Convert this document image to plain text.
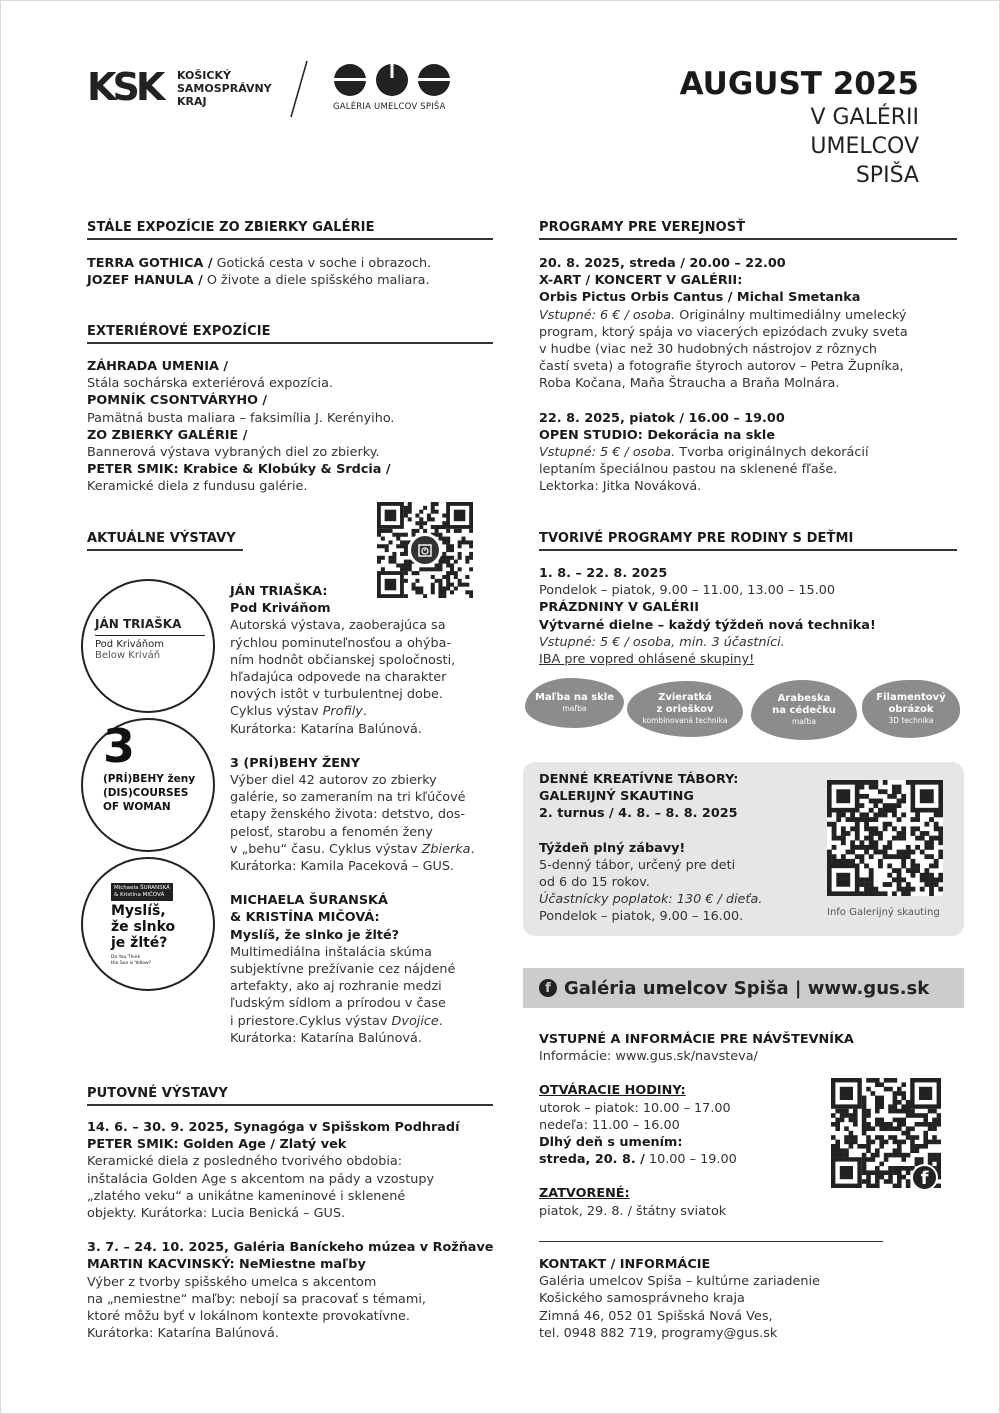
KSK KOŠICKÝ
SAMOSPRÁVNY
KRAJ	GALÉRIA UMELCOV SPIŠA
AUGUST 2025
V GALÉRII
UMELCOV
SPIŠA
STÁLE EXPOZÍCIE ZO ZBIERKY GALÉRIE
TERRA GOTHICA / Gotická cesta v soche i obrazoch.
JOZEF HANULA / O živote a diele spišského maliara.
EXTERIÉROVÉ EXPOZÍCIE
ZÁHRADA UMENIA /
Stála sochárska exteriérová expozícia.
POMNÍK CSONTVÁRYHO /
Pamätná busta maliara – faksimília J. Kerényiho.
ZO ZBIERKY GALÉRIE /
Bannerová výstava vybraných diel zo zbierky.
PETER SMIK: Krabice & Klobúky & Srdcia /
Keramické diela z fundusu galérie.
AKTUÁLNE VÝSTAVY
JÁN TRIAŠKA
Pod Kriváňom
Below Kriváň
3
(PRÍ)BEHY ženy
(DIS)COURSES
OF WOMAN
Michaela ŠURANSKÁ
& Kristína MIČOVÁ
Myslíš,
že slnko
je žlté?
Do You Think
the Sun is Yellow?
JÁN TRIAŠKA:
Pod Kriváňom
Autorská výstava, zaoberajúca sa
rýchlou pominuteľnosťou a ohýba-
ním hodnôt občianskej spoločnosti,
hľadajúca odpovede na charakter
nových istôt v turbulentnej dobe.
Cyklus výstav Profily.
Kurátorka: Katarína Balúnová.
3 (PRÍ)BEHY ŽENY
Výber diel 42 autorov zo zbierky
galérie, so zameraním na tri kľúčové
etapy ženského života: detstvo, dos-
pelosť, starobu a fenomén ženy
v „behu“ času. Cyklus výstav Zbierka.
Kurátorka: Kamila Paceková – GUS.
MICHAELA ŠURANSKÁ
& KRISTÍNA MIČOVÁ:
Myslíš, že slnko je žlté?
Multimediálna inštalácia skúma
subjektívne prežívanie cez nájdené
artefakty, ako aj rozhranie medzi
ľudským sídlom a prírodou v čase
i priestore.Cyklus výstav Dvojice.
Kurátorka: Katarína Balúnová.
PUTOVNÉ VÝSTAVY
14. 6. – 30. 9. 2025, Synagóga v Spišskom Podhradí
PETER SMIK: Golden Age / Zlatý vek
Keramické diela z posledného tvorivého obdobia:
inštalácia Golden Age s akcentom na pády a vzostupy
„zlatého veku“ a unikátne kameninové i sklenené
objekty. Kurátorka: Lucia Benická – GUS.
3. 7. – 24. 10. 2025, Galéria Baníckeho múzea v Rožňave
MARTIN KACVINSKÝ: NeMiestne maľby
Výber z tvorby spišského umelca s akcentom
na „nemiestne“ maľby: nebojí sa pracovať s témami,
ktoré môžu byť v lokálnom kontexte provokatívne.
Kurátorka: Katarína Balúnová.
PROGRAMY PRE VEREJNOSŤ
20. 8. 2025, streda / 20.00 – 22.00
X-ART / KONCERT V GALÉRII:
Orbis Pictus Orbis Cantus / Michal Smetanka
Vstupné: 6 € / osoba. Originálny multimediálny umelecký
program, ktorý spája vo viacerých epizódach zvuky sveta
v hudbe (viac než 30 hudobných nástrojov z rôznych
častí sveta) a fotografie štyroch autorov – Petra Župníka,
Roba Kočana, Maňa Štraucha a Braňa Molnára.
22. 8. 2025, piatok / 16.00 – 19.00
OPEN STUDIO: Dekorácia na skle
Vstupné: 5 € / osoba. Tvorba originálnych dekorácií
leptaním špeciálnou pastou na sklenené fľaše.
Lektorka: Jitka Nováková.
TVORIVÉ PROGRAMY PRE RODINY S DEŤMI
1. 8. – 22. 8. 2025
Pondelok – piatok, 9.00 – 11.00, 13.00 – 15.00
PRÁZDNINY V GALÉRII
Výtvarné dielne – každý týždeň nová technika!
Vstupné: 5 € / osoba, min. 3 účastníci.
IBA pre vopred ohlásené skupiny!
Maľba na skle
maľba
Zvieratká
z orieškov
kombinovaná technika
Arabeska
na cédečku
maľba
Filamentový
obrázok
3D technika
DENNÉ KREATÍVNE TÁBORY:
GALERIJNÝ SKAUTING
2. turnus / 4. 8. – 8. 8. 2025
Týždeň plný zábavy!
5-denný tábor, určený pre deti
od 6 do 15 rokov.
Účastnícky poplatok: 130 € / dieťa.
Pondelok – piatok, 9.00 – 16.00.	Info Galerijný skauting
f Galéria umelcov Spiša | www.gus.sk
VSTUPNÉ A INFORMÁCIE PRE NÁVŠTEVNÍKA
Informácie: www.gus.sk/navsteva/
OTVÁRACIE HODINY:
utorok – piatok: 10.00 – 17.00
nedeľa: 11.00 – 16.00
Dlhý deň s umením:
streda, 20. 8. / 10.00 – 19.00
ZATVORENÉ:
piatok, 29. 8. / štátny sviatok
f
KONTAKT / INFORMÁCIE
Galéria umelcov Spiša – kultúrne zariadenie
Košického samosprávneho kraja
Zimná 46, 052 01 Spišská Nová Ves,
tel. 0948 882 719, programy@gus.sk
